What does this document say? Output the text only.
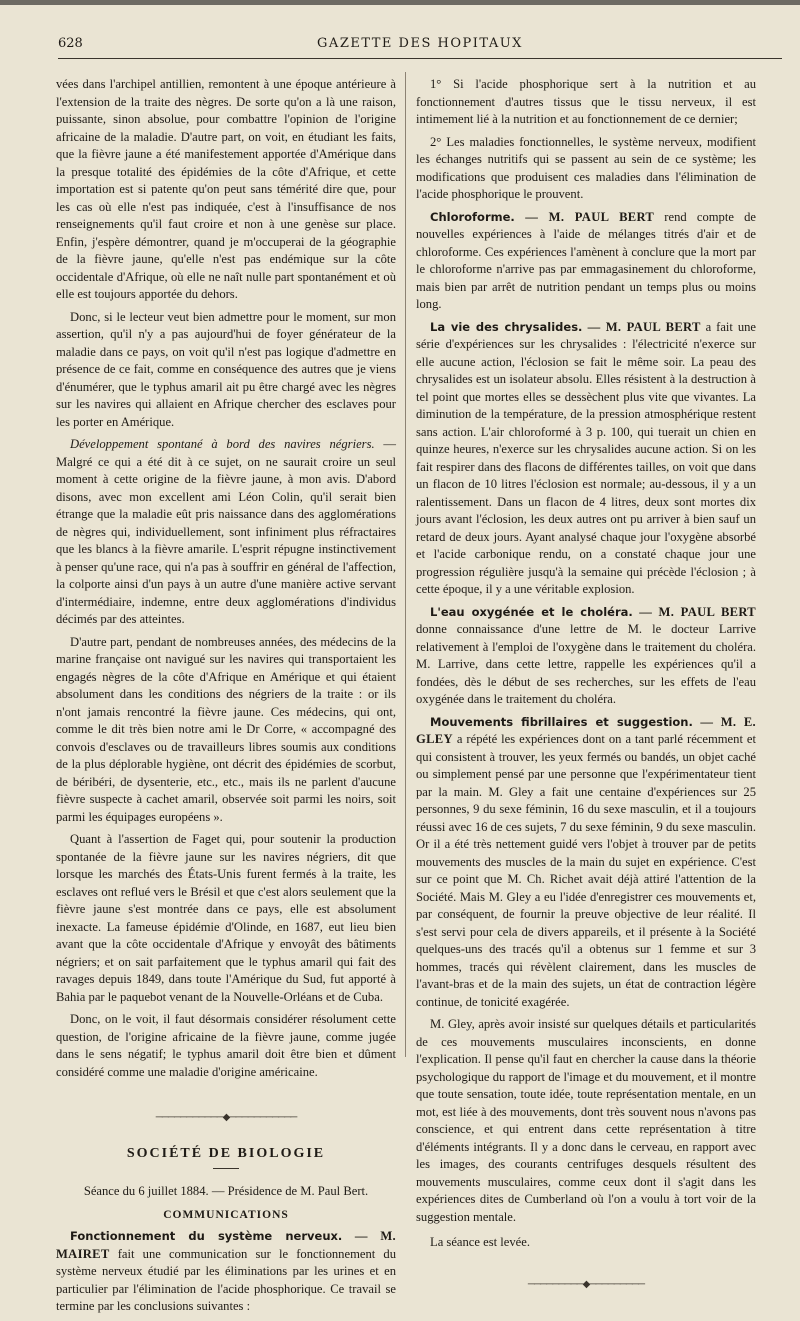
628	GAZETTE DES HOPITAUX

vées dans l'archipel antillien, remontent à une époque antérieure à l'extension de la traite des nègres. De sorte qu'on a là une raison, puissante, sinon absolue, pour combattre l'opinion de l'origine africaine de la maladie. D'autre part, on voit, en étudiant les faits, que la fièvre jaune a été manifestement apportée d'Amérique dans la presque totalité des épidémies de la côte d'Afrique, et cette importation est si patente qu'on peut sans témérité dire que, pour les cas où elle n'est pas indiquée, c'est à l'insuffisance de nos renseignements qu'il faut croire et non à une genèse sur place. Enfin, j'espère démontrer, quand je m'occuperai de la géographie de la fièvre jaune, qu'elle n'est pas endémique sur la côte occidentale d'Afrique, où elle ne naît nulle part spontanément et où elle est toujours apportée du dehors.

Donc, si le lecteur veut bien admettre pour le moment, sur mon assertion, qu'il n'y a pas aujourd'hui de foyer générateur de la maladie dans ce pays, on voit qu'il n'est pas logique d'admettre en présence de ce fait, comme en conséquence des autres que je viens d'énumérer, que le typhus amaril ait pu être chargé avec les nègres sur les navires qui allaient en Afrique chercher des esclaves pour les porter en Amérique.

Développement spontané à bord des navires négriers. — Malgré ce qui a été dit à ce sujet, on ne saurait croire un seul moment à cette origine de la fièvre jaune, à mon avis. D'abord disons, avec mon excellent ami Léon Colin, qu'il serait bien étrange que la maladie eût pris naissance dans des agglomérations de nègres qui, individuellement, sont infiniment plus réfractaires que les blancs à la fièvre amarile. L'esprit répugne instinctivement à penser qu'une race, qui n'a pas à souffrir en général de l'affection, la colporte ainsi d'un pays à un autre d'une manière active servant d'intermédiaire, indemne, entre deux agglomérations d'individus décimés par des atteintes.

D'autre part, pendant de nombreuses années, des médecins de la marine française ont navigué sur les navires qui transportaient les engagés nègres de la côte d'Afrique en Amérique et qui étaient absolument dans les conditions des négriers de la traite : or ils n'ont jamais rencontré la fièvre jaune. Ces médecins, qui ont, comme le dit très bien notre ami le Dr Corre, « accompagné des convois d'esclaves ou de travailleurs libres soumis aux conditions de la plus déplorable hygiène, ont décrit des épidémies de scorbut, de béribéri, de dysenterie, etc., etc., mais ils ne parlent d'aucune fièvre suspecte à cachet amaril, observée soit parmi les noirs, soit parmi les équipages européens ».

Quant à l'assertion de Faget qui, pour soutenir la production spontanée de la fièvre jaune sur les navires négriers, dit que lorsque les marchés des États-Unis furent fermés à la traite, les esclaves ont reflué vers le Brésil et que c'est alors seulement que la fièvre jaune s'est montrée dans ce pays, elle est absolument inexacte. La fameuse épidémie d'Olinde, en 1687, eut lieu bien avant que la côte occidentale d'Afrique y envoyât des bâtiments négriers; et on sait parfaitement que le typhus amaril qui fait des ravages depuis 1849, dans toute l'Amérique du Sud, fut apporté à Bahia par le paquebot venant de la Nouvelle-Orléans et de Cuba.

Donc, on le voit, il faut désormais considérer résolument cette question, de l'origine africaine de la fièvre jaune, comme jugée dans le sens négatif; le typhus amaril doit être bien et dûment considéré comme une maladie d'origine américaine.

───────────◆───────────
SOCIÉTÉ DE BIOLOGIE

Séance du 6 juillet 1884. — Présidence de M. Paul Bert.

COMMUNICATIONS

Fonctionnement du système nerveux. — M. MAIRET fait une communication sur le fonctionnement du système nerveux étudié par les éliminations par les urines et en particulier par l'élimination de l'acide phosphorique. Ce travail se termine par les conclusions suivantes :

1° Si l'acide phosphorique sert à la nutrition et au fonctionnement d'autres tissus que le tissu nerveux, il est intimement lié à la nutrition et au fonctionnement de ce dernier;

2° Les maladies fonctionnelles, le système nerveux, modifient les échanges nutritifs qui se passent au sein de ce système; les modifications que produisent ces maladies dans l'élimination de l'acide phosphorique le prouvent.

Chloroforme. — M. PAUL BERT rend compte de nouvelles expériences à l'aide de mélanges titrés d'air et de chloroforme. Ces expériences l'amènent à conclure que la mort par le chloroforme n'arrive pas par emmagasinement du chloroforme, mais bien par arrêt de nutrition pendant un temps plus ou moins long.

La vie des chrysalides. — M. PAUL BERT a fait une série d'expériences sur les chrysalides : l'électricité n'exerce sur elle aucune action, l'éclosion se fait le même soir. La peau des chrysalides est un isolateur absolu. Elles résistent à la destruction à tel point que mortes elles se dessèchent plus vite que vivantes. La diminution de la température, de la pression atmosphérique restent sans action. L'air chloroformé à 3 p. 100, qui tuerait un chien en quinze heures, n'exerce sur les chrysalides aucune action. Si on les fait respirer dans des flacons de différentes tailles, on voit que dans un flacon de 10 litres l'éclosion est normale; au-dessous, il y a un ralentissement. Dans un flacon de 4 litres, deux sont mortes dix jours avant l'éclosion, les deux autres ont pu arriver à bien sauf un retard de deux jours. Ayant analysé chaque jour l'oxygène absorbé et l'acide carbonique rendu, on a constaté chaque jour une progression régulière jusqu'à la semaine qui précède l'éclosion ; à cette époque, il y a une véritable explosion.

L'eau oxygénée et le choléra. — M. PAUL BERT donne connaissance d'une lettre de M. le docteur Larrive relativement à l'emploi de l'oxygène dans le traitement du choléra. M. Larrive, dans cette lettre, rappelle les expériences qu'il a fondées, dès le début de ses recherches, sur les effets de l'eau oxygénée dans le traitement du choléra.

Mouvements fibrillaires et suggestion. — M. E. GLEY a répété les expériences dont on a tant parlé récemment et qui consistent à trouver, les yeux fermés ou bandés, un objet caché ou simplement pensé par une personne que l'expérimentateur tient par la main. M. Gley a fait une centaine d'expériences sur 25 personnes, 9 du sexe féminin, 16 du sexe masculin, et il a toujours réussi avec 16 de ces sujets, 7 du sexe féminin, 9 du sexe masculin. Or il a été très nettement guidé vers l'objet à trouver par de petits mouvements des muscles de la main du sujet en expérience. C'est sur ce point que M. Ch. Richet avait déjà attiré l'attention de la Société. Mais M. Gley a eu l'idée d'enregistrer ces mouvements et, par conséquent, de fournir la preuve objective de leur réalité. Il s'est servi pour cela de divers appareils, et il présente à la Société quelques-uns des tracés qu'il a obtenus sur 1 femme et sur 3 hommes, tracés qui révèlent clairement, dans les muscles de l'avant-bras et de la main des sujets, un état de contraction légère continue, de tonicité exagérée.

M. Gley, après avoir insisté sur quelques détails et particularités de ces mouvements musculaires inconscients, en donne l'explication. Il pense qu'il faut en chercher la cause dans la théorie psychologique du rapport de l'image et du mouvement, et il montre que toute sensation, toute idée, toute représentation mentale, en un mot, est liée à des mouvements, dont très souvent nous n'avons pas conscience, et qui entrent dans cette représentation à titre d'éléments intégrants. Il y a donc dans le cerveau, en rapport avec les images, des courants centrifuges desquels résultent des mouvements musculaires, comme ceux dont il s'agit dans les expériences dites de Cumberland où l'on a voulu à tort voir de la suggestion mentale.

La séance est levée.

─────────◆─────────
